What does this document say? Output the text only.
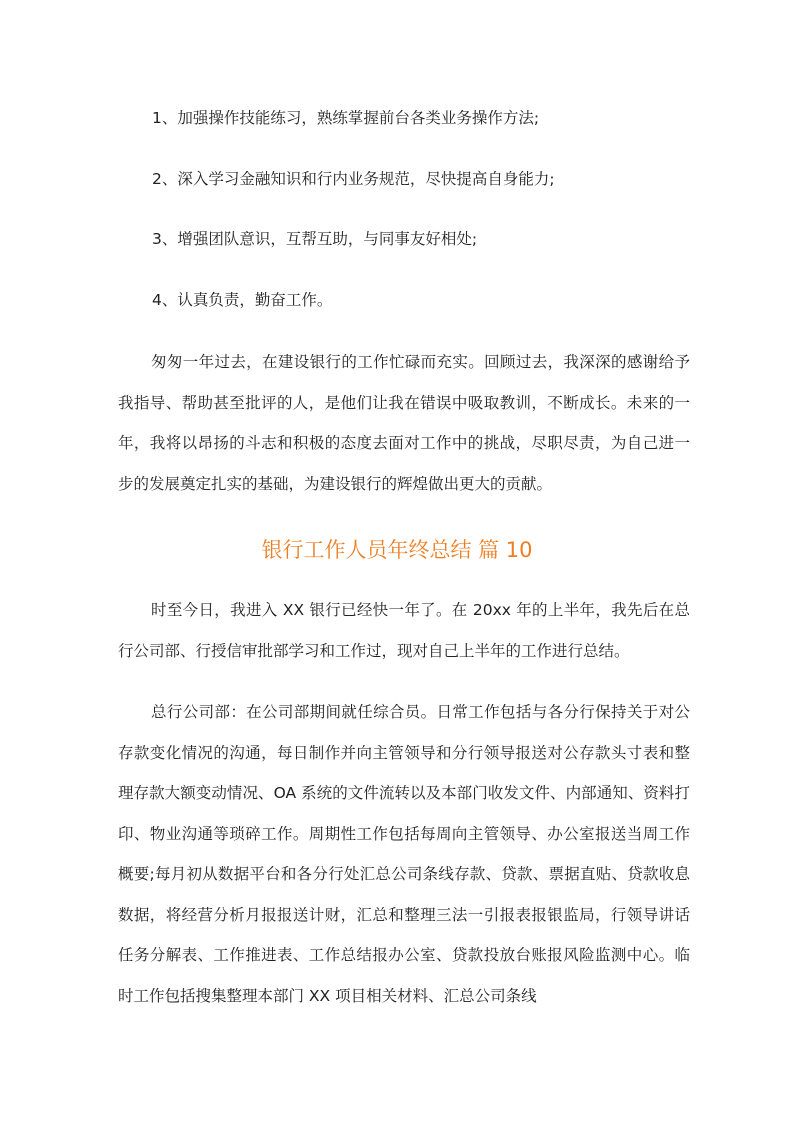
1、加强操作技能练习，熟练掌握前台各类业务操作方法;
2、深入学习金融知识和行内业务规范，尽快提高自身能力;
3、增强团队意识，互帮互助，与同事友好相处;
4、认真负责，勤奋工作。

匆匆一年过去，在建设银行的工作忙碌而充实。回顾过去，我深深的感谢给予我指导、帮助甚至批评的人，是他们让我在错误中吸取教训，不断成长。未来的一年，我将以昂扬的斗志和积极的态度去面对工作中的挑战，尽职尽责，为自己进一步的发展奠定扎实的基础，为建设银行的辉煌做出更大的贡献。

银行工作人员年终总结 篇 10

时至今日，我进入 XX 银行已经快一年了。在 20xx 年的上半年，我先后在总行公司部、行授信审批部学习和工作过，现对自己上半年的工作进行总结。

总行公司部：在公司部期间就任综合员。日常工作包括与各分行保持关于对公存款变化情况的沟通，每日制作并向主管领导和分行领导报送对公存款头寸表和整理存款大额变动情况、OA 系统的文件流转以及本部门收发文件、内部通知、资料打印、物业沟通等琐碎工作。周期性工作包括每周向主管领导、办公室报送当周工作概要;每月初从数据平台和各分行处汇总公司条线存款、贷款、票据直贴、贷款收息数据，将经营分析月报报送计财，汇总和整理三法一引报表报银监局，行领导讲话任务分解表、工作推进表、工作总结报办公室、贷款投放台账报风险监测中心。临时工作包括搜集整理本部门 XX 项目相关材料、汇总公司条线
